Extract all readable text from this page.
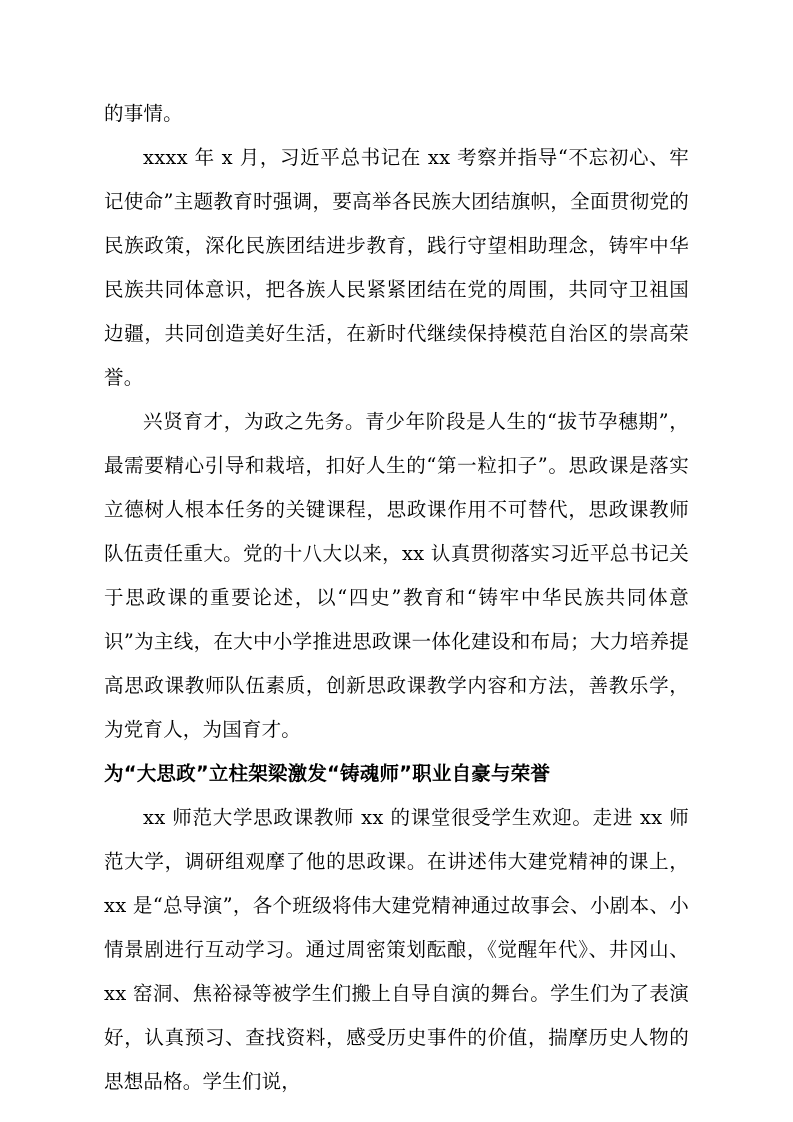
的事情。

xxxx 年 x 月，习近平总书记在 xx 考察并指导“不忘初心、牢记使命”主题教育时强调，要高举各民族大团结旗帜，全面贯彻党的民族政策，深化民族团结进步教育，践行守望相助理念，铸牢中华民族共同体意识，把各族人民紧紧团结在党的周围，共同守卫祖国边疆，共同创造美好生活，在新时代继续保持模范自治区的崇高荣誉。

兴贤育才，为政之先务。青少年阶段是人生的“拔节孕穗期”，最需要精心引导和栽培，扣好人生的“第一粒扣子”。思政课是落实立德树人根本任务的关键课程，思政课作用不可替代，思政课教师队伍责任重大。党的十八大以来，xx 认真贯彻落实习近平总书记关于思政课的重要论述，以“四史”教育和“铸牢中华民族共同体意识”为主线，在大中小学推进思政课一体化建设和布局；大力培养提高思政课教师队伍素质，创新思政课教学内容和方法，善教乐学，为党育人，为国育才。

为“大思政”立柱架梁激发“铸魂师”职业自豪与荣誉

xx 师范大学思政课教师 xx 的课堂很受学生欢迎。走进 xx 师范大学，调研组观摩了他的思政课。在讲述伟大建党精神的课上，xx 是“总导演”，各个班级将伟大建党精神通过故事会、小剧本、小情景剧进行互动学习。通过周密策划酝酿，《觉醒年代》、井冈山、xx 窑洞、焦裕禄等被学生们搬上自导自演的舞台。学生们为了表演好，认真预习、查找资料，感受历史事件的价值，揣摩历史人物的思想品格。学生们说，
